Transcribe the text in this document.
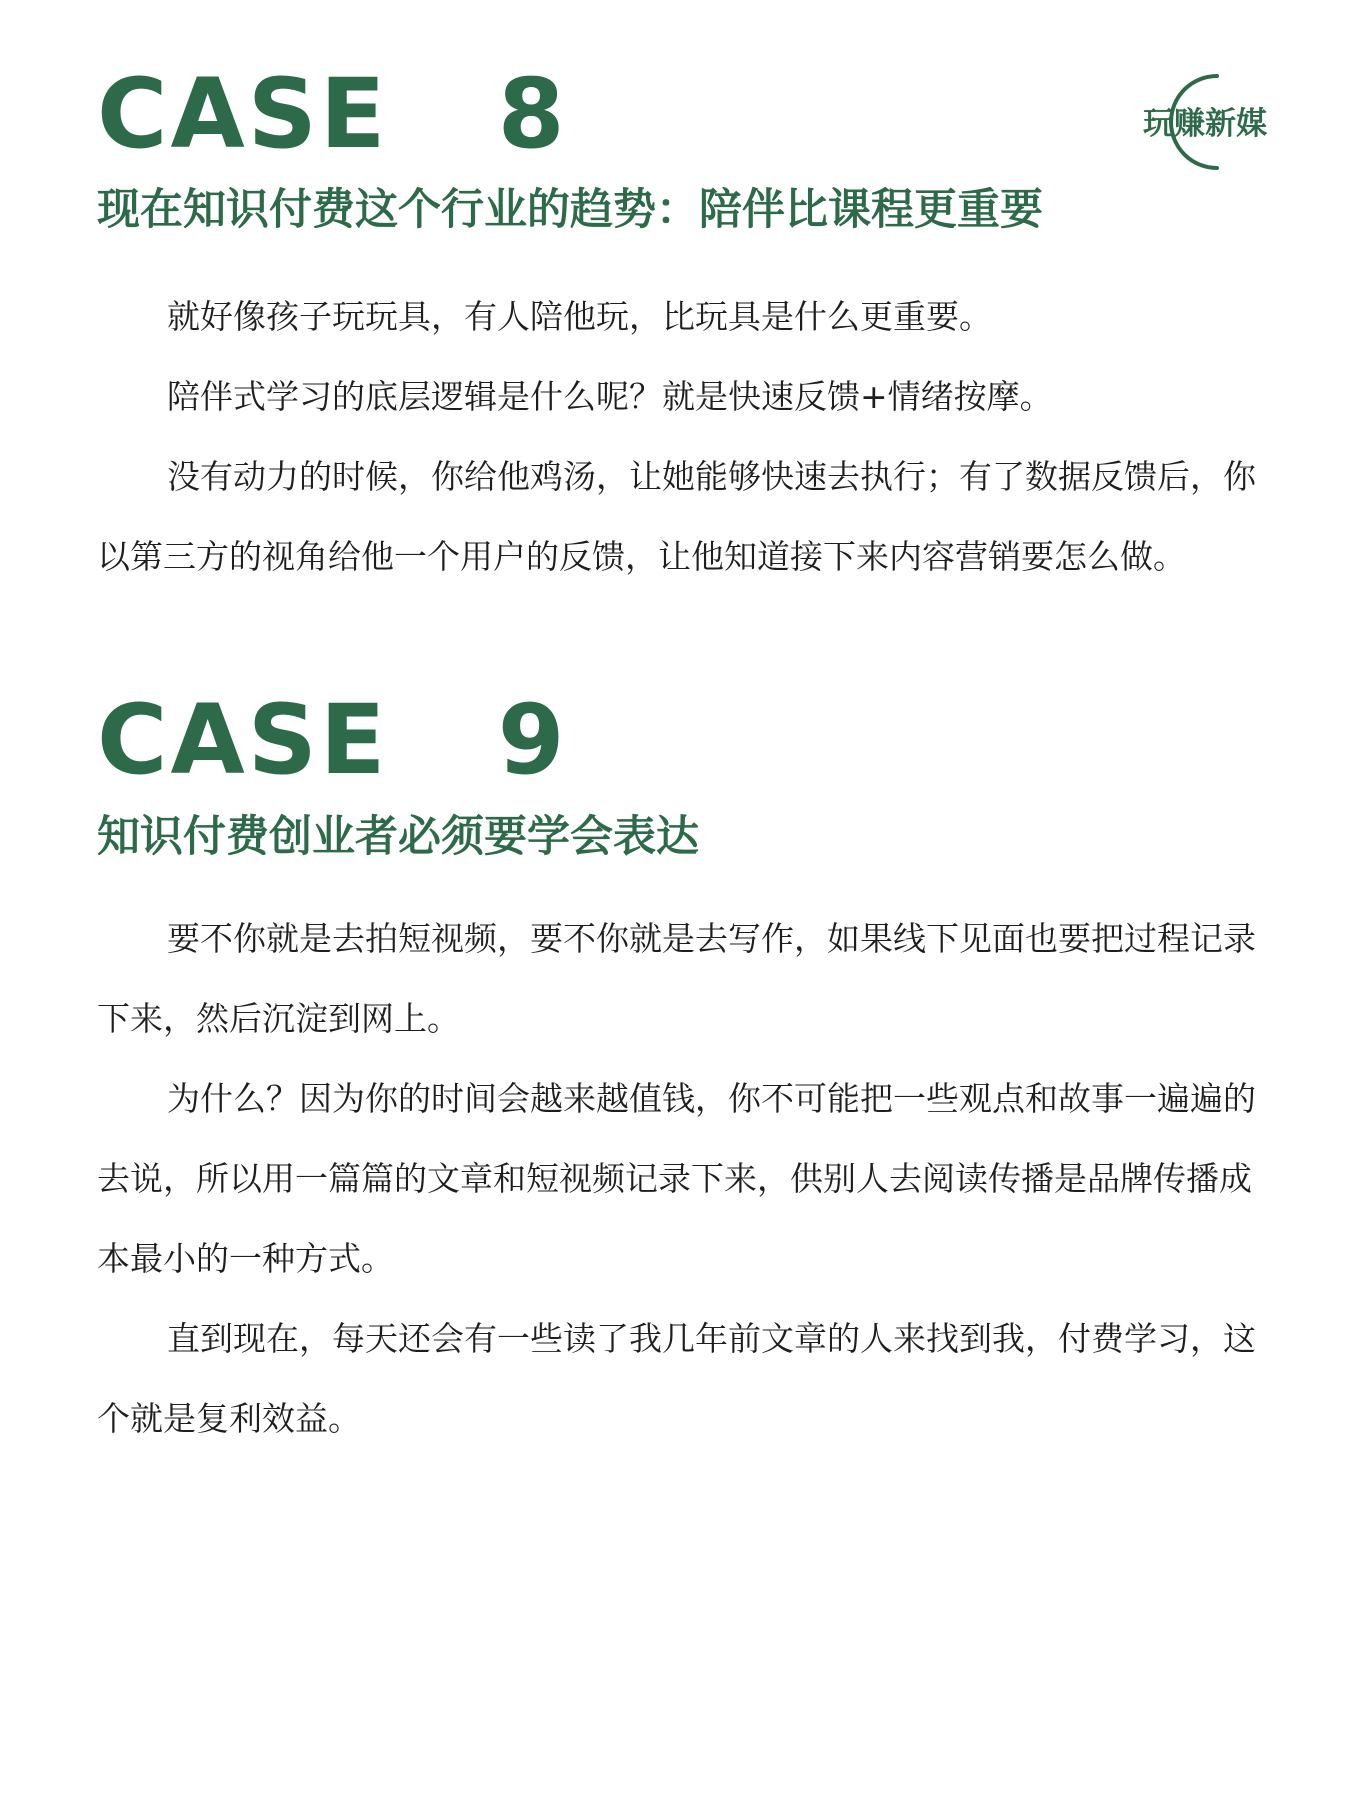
玩赚新媒
CASE   8
现在知识付费这个行业的趋势：陪伴比课程更重要

就好像孩子玩玩具，有人陪他玩，比玩具是什么更重要。

陪伴式学习的底层逻辑是什么呢？就是快速反馈+情绪按摩。

没有动力的时候，你给他鸡汤，让她能够快速去执行；有了数据反馈后，你以第三方的视角给他一个用户的反馈，让他知道接下来内容营销要怎么做。

CASE   9
知识付费创业者必须要学会表达

要不你就是去拍短视频，要不你就是去写作，如果线下见面也要把过程记录下来，然后沉淀到网上。

为什么？因为你的时间会越来越值钱，你不可能把一些观点和故事一遍遍的去说，所以用一篇篇的文章和短视频记录下来，供别人去阅读传播是品牌传播成本最小的一种方式。

直到现在，每天还会有一些读了我几年前文章的人来找到我，付费学习，这个就是复利效益。
